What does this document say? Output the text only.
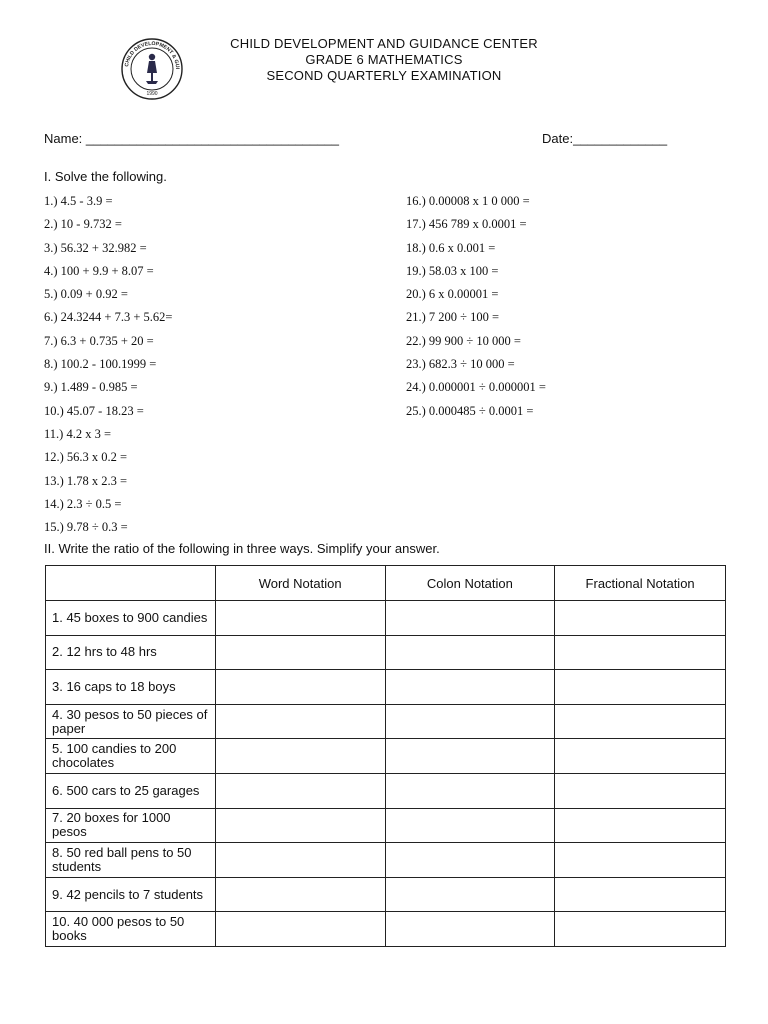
CHILD DEVELOPMENT & GUI
1990
CHILD DEVELOPMENT AND GUIDANCE CENTER
GRADE 6 MATHEMATICS
SECOND QUARTERLY EXAMINATION
Name: ___________________________________	Date:_____________
I. Solve the following.
1.) 4.5 - 3.9 =
2.) 10 - 9.732 =
3.) 56.32 + 32.982 =
4.) 100 + 9.9 + 8.07 =
5.) 0.09 + 0.92 =
6.) 24.3244 + 7.3 + 5.62=
7.) 6.3 + 0.735 + 20 =
8.) 100.2 - 100.1999 =
9.) 1.489 - 0.985 =
10.) 45.07 - 18.23 =
11.) 4.2 x 3 =
12.) 56.3 x 0.2 =
13.) 1.78 x 2.3 =
14.) 2.3 ÷ 0.5 =
15.) 9.78 ÷ 0.3 =
16.) 0.00008 x 1 0 000 =
17.) 456 789 x 0.0001 =
18.) 0.6 x 0.001 =
19.) 58.03 x 100 =
20.) 6 x 0.00001 =
21.) 7 200 ÷ 100 =
22.) 99 900 ÷ 10 000 =
23.) 682.3 ÷ 10 000 =
24.) 0.000001 ÷ 0.000001 =
25.) 0.000485 ÷ 0.0001 =
II. Write the ratio of the following in three ways. Simplify your answer.
	Word Notation	Colon Notation	Fractional Notation
1. 45 boxes to 900 candies			
2. 12 hrs to 48 hrs			
3. 16 caps to 18 boys			
4. 30 pesos to 50 pieces of paper			
5. 100 candies to 200 chocolates			
6. 500 cars to 25 garages			
7. 20 boxes for 1000 pesos			
8. 50 red ball pens to 50 students			
9. 42 pencils to 7 students			
10. 40 000 pesos to 50 books			
